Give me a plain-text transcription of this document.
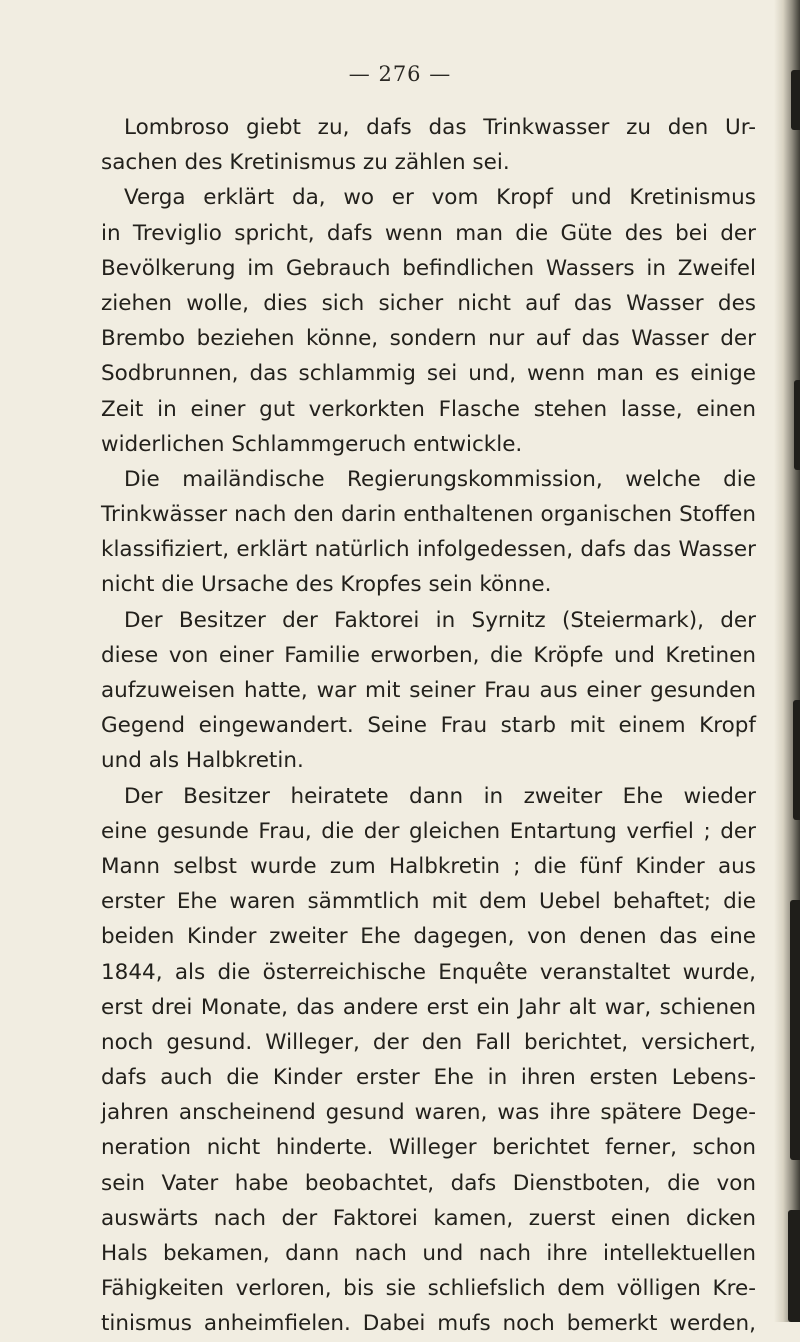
— 276 —
Lombroso giebt zu, dafs das Trinkwasser zu den Ur-
sachen des Kretinismus zu zählen sei.
Verga erklärt da, wo er vom Kropf und Kretinismus
in Treviglio spricht, dafs wenn man die Güte des bei der
Bevölkerung im Gebrauch befindlichen Wassers in Zweifel
ziehen wolle, dies sich sicher nicht auf das Wasser des
Brembo beziehen könne, sondern nur auf das Wasser der
Sodbrunnen, das schlammig sei und, wenn man es einige
Zeit in einer gut verkorkten Flasche stehen lasse, einen
widerlichen Schlammgeruch entwickle.
Die mailändische Regierungskommission, welche die
Trinkwässer nach den darin enthaltenen organischen Stoffen
klassifiziert, erklärt natürlich infolgedessen, dafs das Wasser
nicht die Ursache des Kropfes sein könne.
Der Besitzer der Faktorei in Syrnitz (Steiermark), der
diese von einer Familie erworben, die Kröpfe und Kretinen
aufzuweisen hatte, war mit seiner Frau aus einer gesunden
Gegend eingewandert. Seine Frau starb mit einem Kropf
und als Halbkretin.
Der Besitzer heiratete dann in zweiter Ehe wieder
eine gesunde Frau, die der gleichen Entartung verfiel ; der
Mann selbst wurde zum Halbkretin ; die fünf Kinder aus
erster Ehe waren sämmtlich mit dem Uebel behaftet; die
beiden Kinder zweiter Ehe dagegen, von denen das eine
1844, als die österreichische Enquête veranstaltet wurde,
erst drei Monate, das andere erst ein Jahr alt war, schienen
noch gesund. Willeger, der den Fall berichtet, versichert,
dafs auch die Kinder erster Ehe in ihren ersten Lebens-
jahren anscheinend gesund waren, was ihre spätere Dege-
neration nicht hinderte. Willeger berichtet ferner, schon
sein Vater habe beobachtet, dafs Dienstboten, die von
auswärts nach der Faktorei kamen, zuerst einen dicken
Hals bekamen, dann nach und nach ihre intellektuellen
Fähigkeiten verloren, bis sie schliefslich dem völligen Kre-
tinismus anheimfielen. Dabei mufs noch bemerkt werden,
